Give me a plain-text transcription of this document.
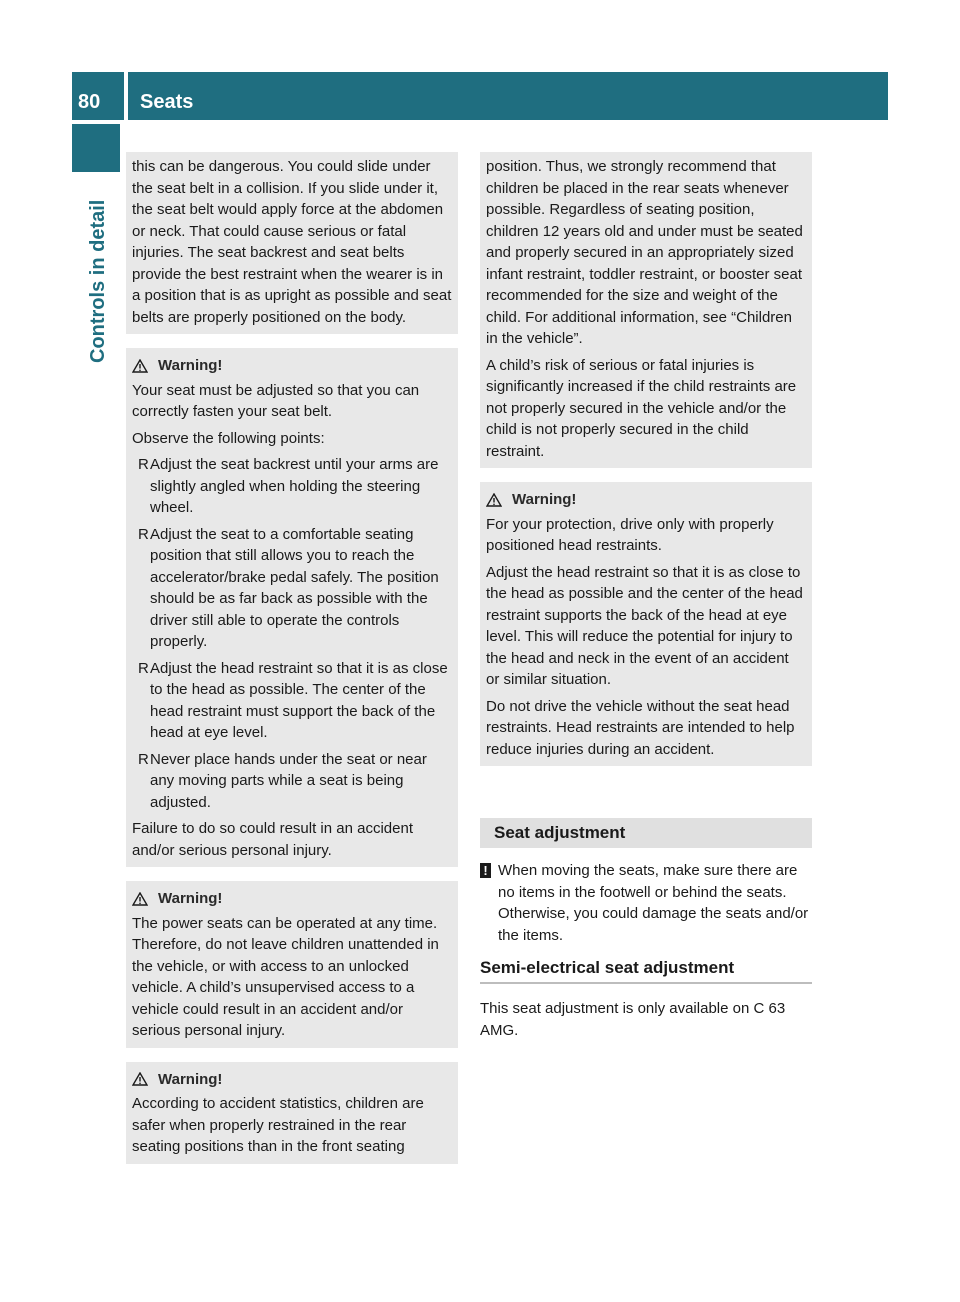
80	Seats
Controls in detail

this can be dangerous. You could slide under the seat belt in a collision. If you slide under it, the seat belt would apply force at the abdomen or neck. That could cause serious or fatal injuries. The seat backrest and seat belts provide the best restraint when the wearer is in a position that is as upright as possible and seat belts are properly positioned on the body.

Warning!

Your seat must be adjusted so that you can correctly fasten your seat belt.

Observe the following points:

R Adjust the seat backrest until your arms are slightly angled when holding the steering wheel.
R Adjust the seat to a comfortable seating position that still allows you to reach the accelerator/brake pedal safely. The position should be as far back as possible with the driver still able to operate the controls properly.
R Adjust the head restraint so that it is as close to the head as possible. The center of the head restraint must support the back of the head at eye level.
R Never place hands under the seat or near any moving parts while a seat is being adjusted.

Failure to do so could result in an accident and/or serious personal injury.

Warning!

The power seats can be operated at any time. Therefore, do not leave children unattended in the vehicle, or with access to an unlocked vehicle. A child’s unsupervised access to a vehicle could result in an accident and/or serious personal injury.

Warning!

According to accident statistics, children are safer when properly restrained in the rear seating positions than in the front seating

position. Thus, we strongly recommend that children be placed in the rear seats whenever possible. Regardless of seating position, children 12 years old and under must be seated and properly secured in an appropriately sized infant restraint, toddler restraint, or booster seat recommended for the size and weight of the child. For additional information, see “Children in the vehicle”.

A child’s risk of serious or fatal injuries is significantly increased if the child restraints are not properly secured in the vehicle and/or the child is not properly secured in the child restraint.

Warning!

For your protection, drive only with properly positioned head restraints.

Adjust the head restraint so that it is as close to the head as possible and the center of the head restraint supports the back of the head at eye level. This will reduce the potential for injury to the head and neck in the event of an accident or similar situation.

Do not drive the vehicle without the seat head restraints. Head restraints are intended to help reduce injuries during an accident.

Seat adjustment
! When moving the seats, make sure there are no items in the footwell or behind the seats. Otherwise, you could damage the seats and/or the items.
Semi-electrical seat adjustment
This seat adjustment is only available on C 63 AMG.
